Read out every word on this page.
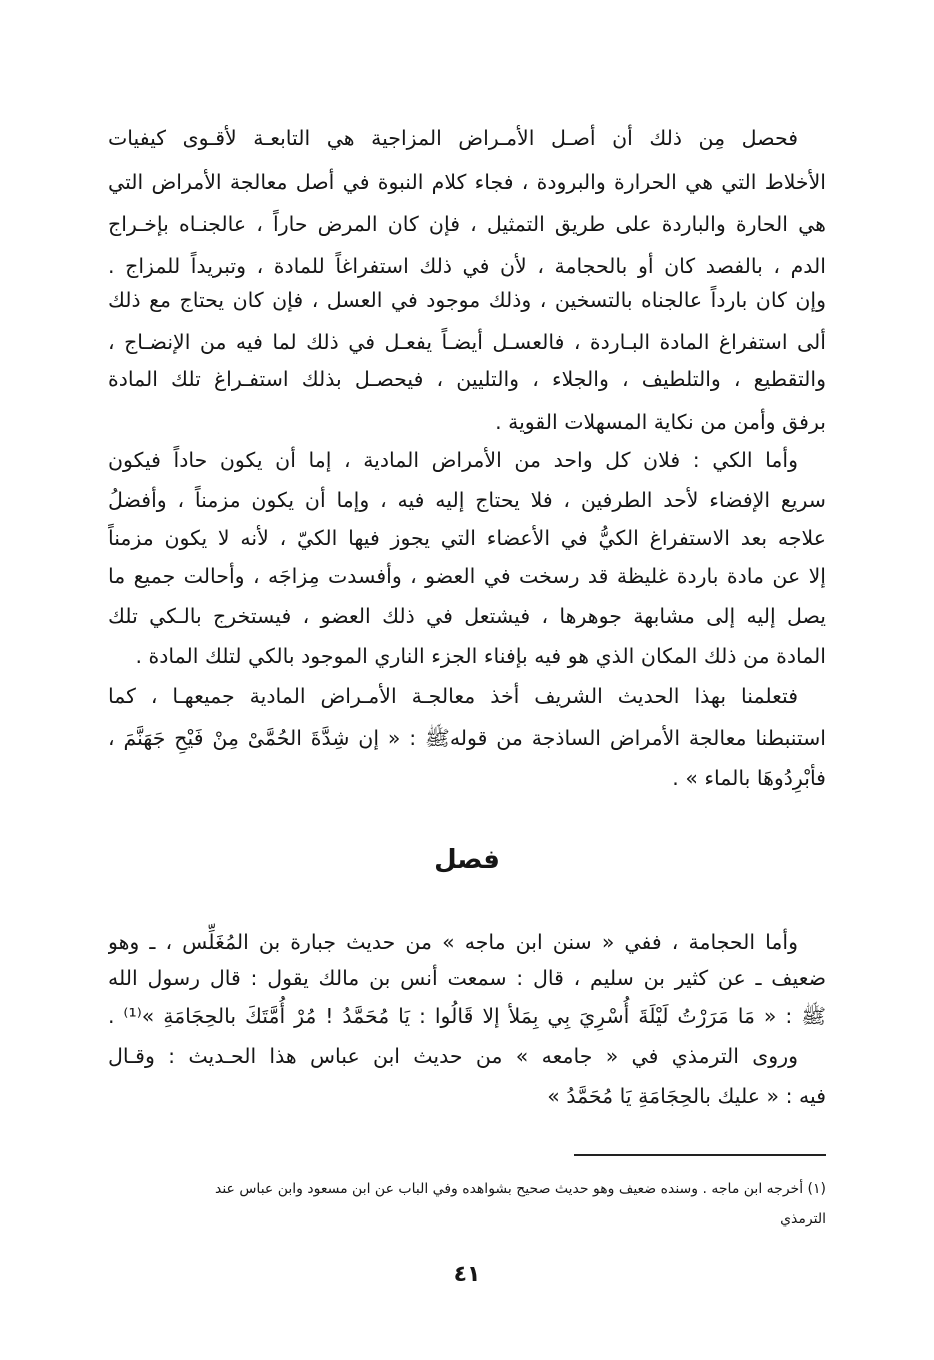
فحصل مِن ذلك أن أصـل الأمـراض المزاجية هي التابعـة لأقـوى كيفيات
الأخلاط التي هي الحرارة والبرودة ، فجاء كلام النبوة في أصل معالجة الأمراض التي
هي الحارة والباردة على طريق التمثيل ، فإن كان المرض حاراً ، عالجنـاه بإخـراج
الدم ، بالفصد كان أو بالحجامة ، لأن في ذلك استفراغاً للمادة ، وتبريداً للمزاج .
وإن كان بارداً عالجناه بالتسخين ، وذلك موجود في العسل ، فإن كان يحتاج مع ذلك
ألى استفراغ المادة البـاردة ، فالعسـل أيضـاً يفعـل في ذلك لما فيه من الإنضـاج ،
والتقطيع ، والتلطيف ، والجلاء ، والتليين ، فيحصـل بذلك استفـراغ تلك المادة
برفق وأمن من نكاية المسهلات القوية .
وأما الكي : فلان كل واحد من الأمراض المادية ، إما أن يكون حاداً فيكون
سريع الإفضاء لأحد الطرفين ، فلا يحتاج إليه فيه ، وإما أن يكون مزمناً ، وأفضلُ
علاجه بعد الاستفراغ الكيُّ في الأعضاء التي يجوز فيها الكيّ ، لأنه لا يكون مزمناً
إلا عن مادة باردة غليظة قد رسخت في العضو ، وأفسدت مِزاجَه ، وأحالت جميع ما
يصل إليه إلى مشابهة جوهرها ، فيشتعل في ذلك العضو ، فيستخرج بالـكي تلك
المادة من ذلك المكان الذي هو فيه بإفناء الجزء الناري الموجود بالكي لتلك المادة .
فتعلمنا بهذا الحديث الشريف أخذ معالجـة الأمـراض المادية جميعهـا ، كما
استنبطنا معالجة الأمراض الساذجة من قولهﷺ : « إن شِدَّةَ الحُمَّىْ مِنْ فَيْحِ جَهَنَّمَ ،
فأبْرِدُوهَا بالماء » .
فصل
وأما الحجامة ، ففي « سنن ابن ماجه » من حديث جبارة بن المُغَلِّس ، ـ وهو
ضعيف ـ عن كثير بن سليم ، قال : سمعت أنس بن مالك يقول : قال رسول الله
ﷺ : « مَا مَرَرْتُ لَيْلَةَ أُسْرِيَ بِي بِمَلأ إلا قَالُوا : يَا مُحَمَّدُ ! مُرْ أُمَّتَكَ بالحِجَامَةِ »⁽¹⁾ .
وروى الترمذي في « جامعه » من حديث ابن عباس هذا الحـديث : وقـال
فيه : « عليك بالحِجَامَةِ يَا مُحَمَّدُ »
(١) أخرجه ابن ماجه . وسنده ضعيف وهو حديث صحيح بشواهده وفي الباب عن ابن مسعود وابن عباس عند
الترمذي
٤١
